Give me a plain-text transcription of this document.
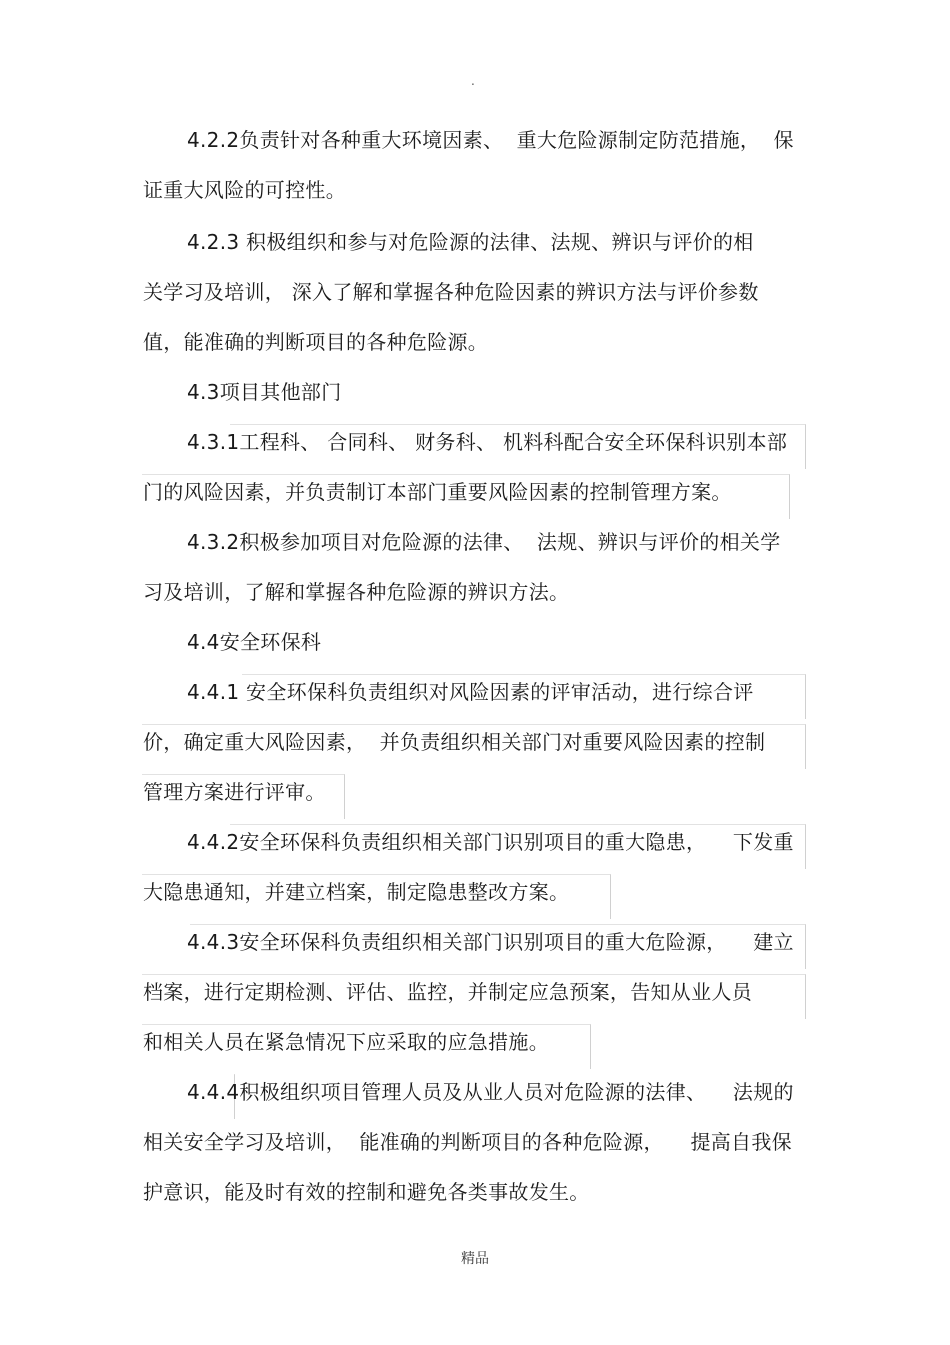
.
4.2.2负责针对各种重大环境因素、  重大危险源制定防范措施，  保
证重大风险的可控性。
4.2.3 积极组织和参与对危险源的法律、法规、辨识与评价的相
关学习及培训， 深入了解和掌握各种危险因素的辨识方法与评价参数
值，能准确的判断项目的各种危险源。
4.3项目其他部门
4.3.1工程科、 合同科、 财务科、 机料科配合安全环保科识别本部
门的风险因素，并负责制订本部门重要风险因素的控制管理方案。
4.3.2积极参加项目对危险源的法律、  法规、辨识与评价的相关学
习及培训，了解和掌握各种危险源的辨识方法。
4.4安全环保科
4.4.1 安全环保科负责组织对风险因素的评审活动，进行综合评
价，确定重大风险因素，  并负责组织相关部门对重要风险因素的控制
管理方案进行评审。
4.4.2安全环保科负责组织相关部门识别项目的重大隐患，    下发重
大隐患通知，并建立档案，制定隐患整改方案。
4.4.3安全环保科负责组织相关部门识别项目的重大危险源，    建立
档案，进行定期检测、评估、监控，并制定应急预案，告知从业人员
和相关人员在紧急情况下应采取的应急措施。
4.4.4积极组织项目管理人员及从业人员对危险源的法律、    法规的
相关安全学习及培训，  能准确的判断项目的各种危险源，    提高自我保
护意识，能及时有效的控制和避免各类事故发生。
精品
